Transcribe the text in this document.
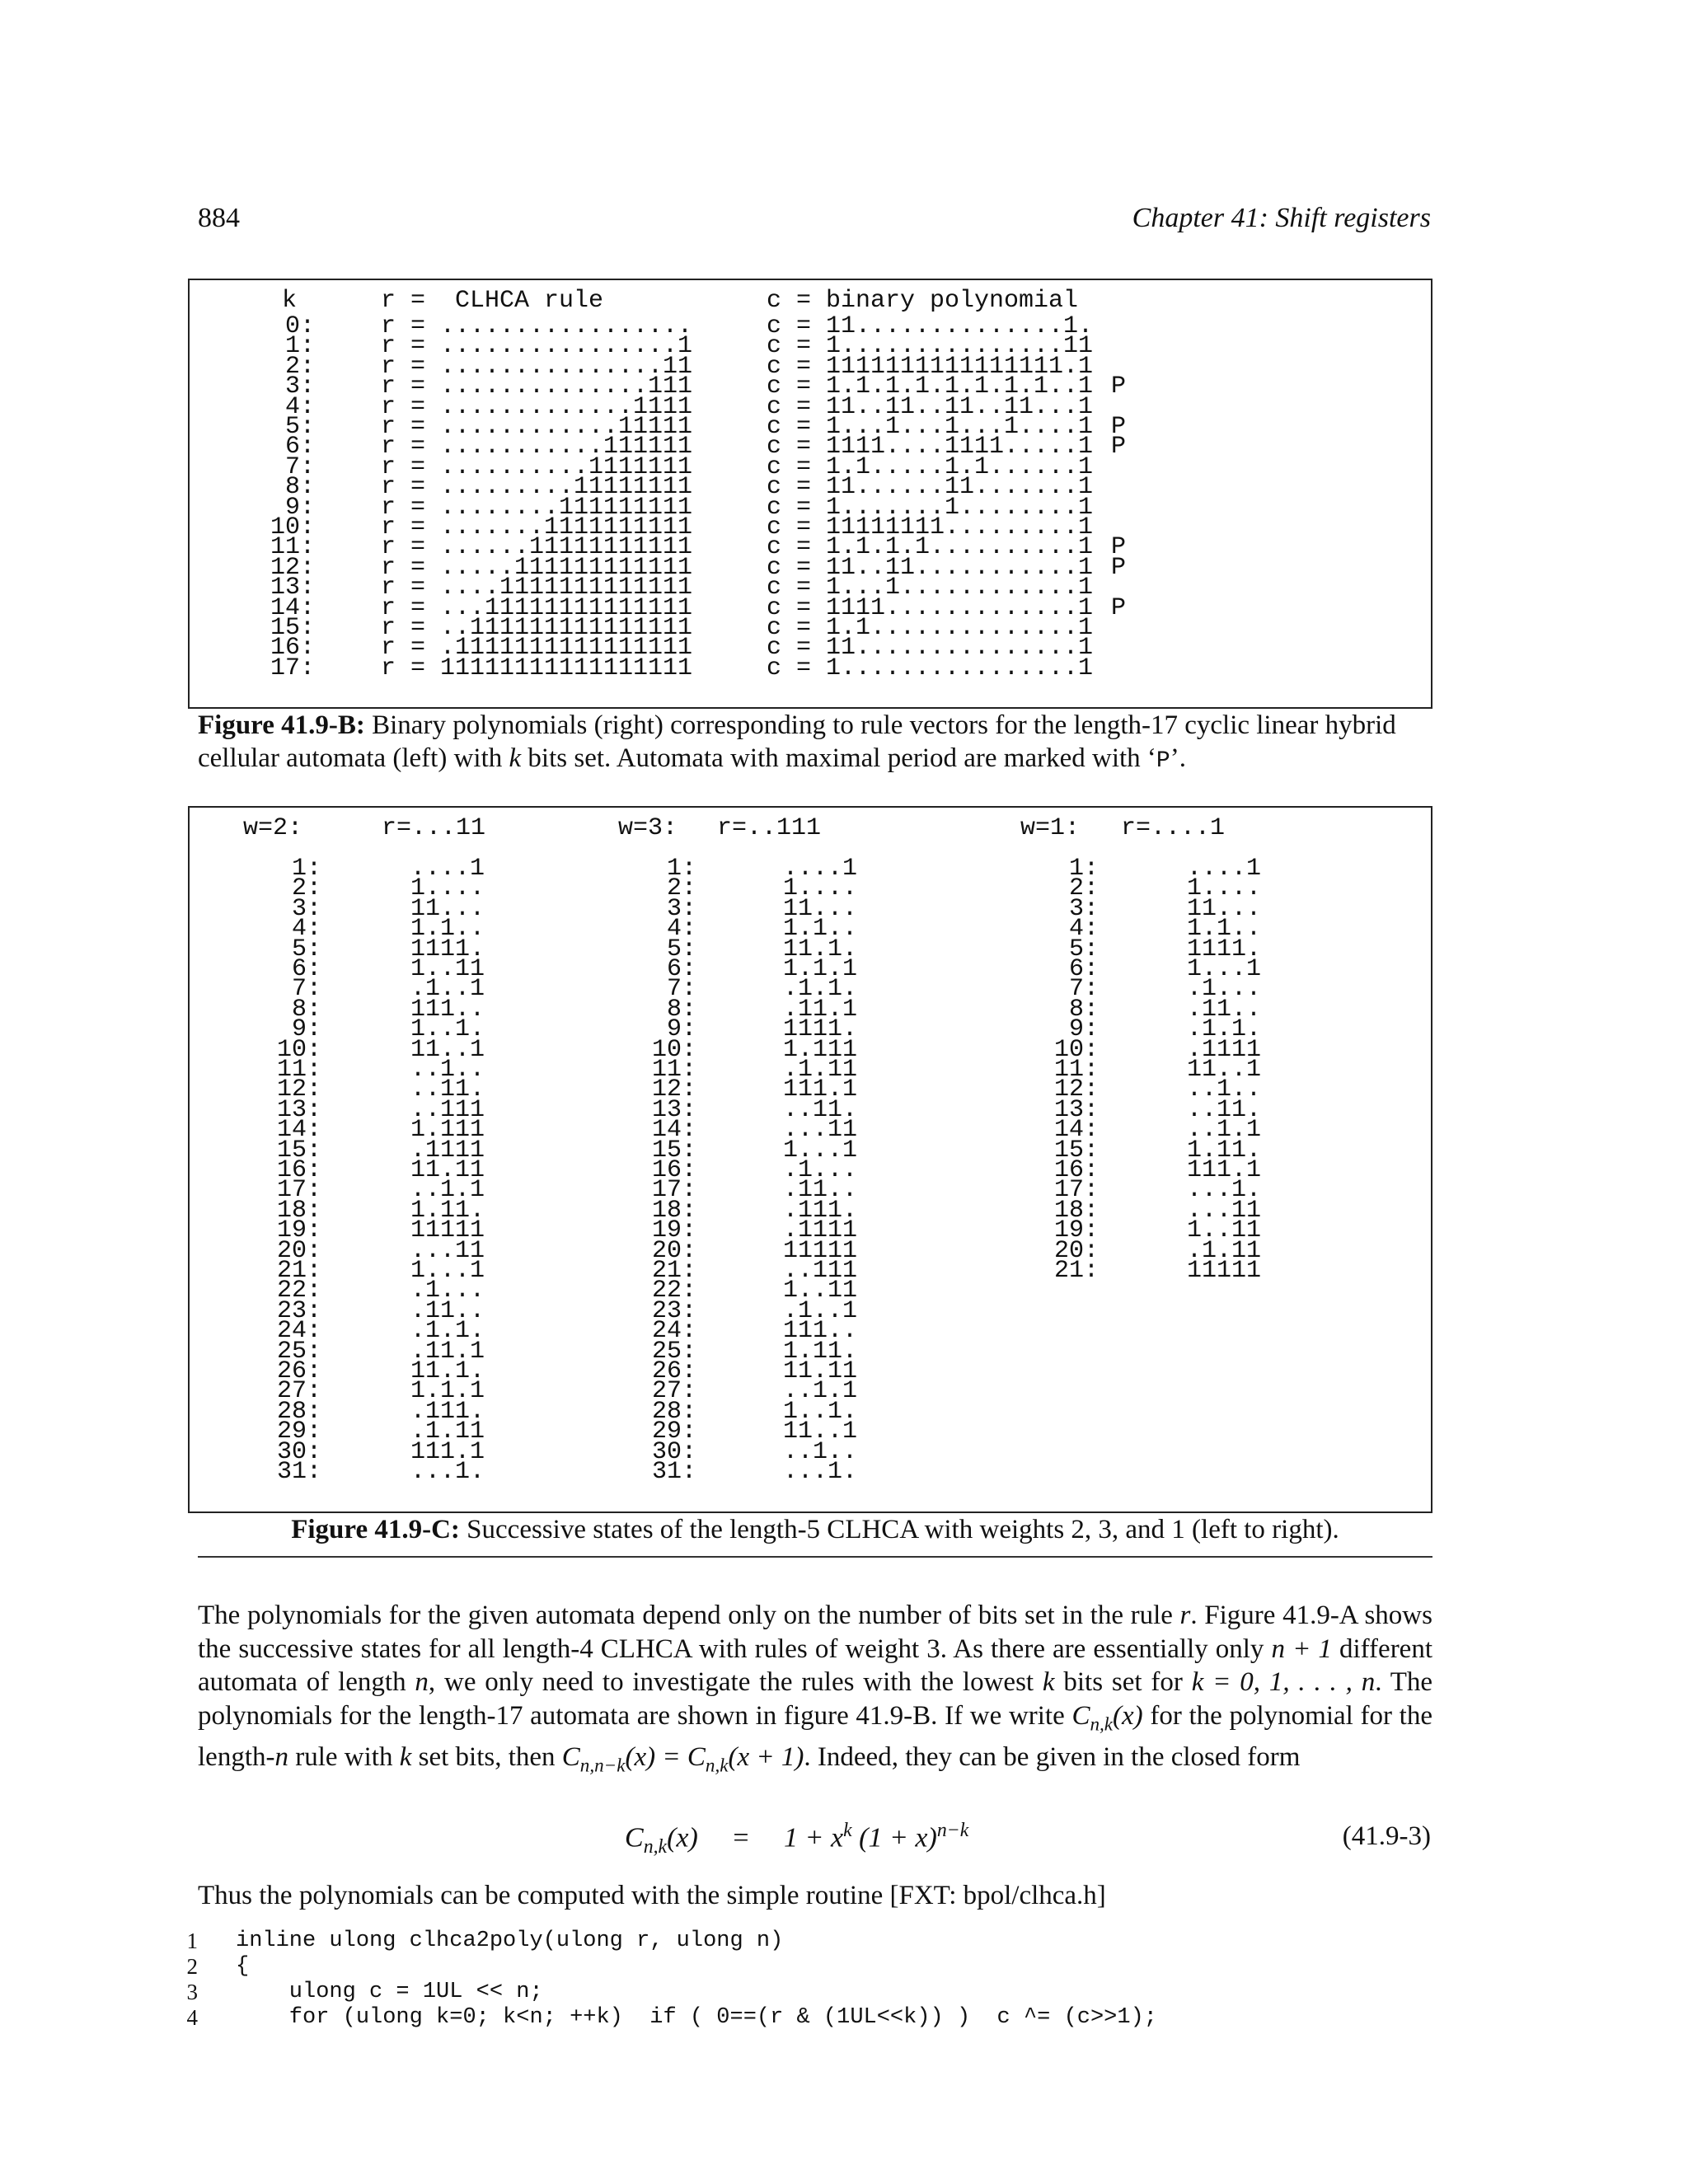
884	Chapter 41: Shift registers
k	r =  CLHCA rule	c = binary polynomial
0:	r = .................	c = 11..............1.
1:	r = ................1	c = 1...............11
2:	r = ...............11	c = 1111111111111111.1
3:	r = ..............111	c = 1.1.1.1.1.1.1.1..1 P
4:	r = .............1111	c = 11..11..11..11...1
5:	r = ............11111	c = 1...1...1...1....1 P
6:	r = ...........111111	c = 1111....1111.....1 P
7:	r = ..........1111111	c = 1.1.....1.1......1
8:	r = .........11111111	c = 11......11.......1
9:	r = ........111111111	c = 1.......1........1
10:	r = .......1111111111	c = 11111111.........1
11:	r = ......11111111111	c = 1.1.1.1..........1 P
12:	r = .....111111111111	c = 11..11...........1 P
13:	r = ....1111111111111	c = 1...1............1
14:	r = ...11111111111111	c = 1111.............1 P
15:	r = ..111111111111111	c = 1.1..............1
16:	r = .1111111111111111	c = 11...............1
17:	r = 11111111111111111	c = 1................1
Figure 41.9-B: Binary polynomials (right) corresponding to rule vectors for the length-17 cyclic linear hybrid cellular automata (left) with k bits set. Automata with maximal period are marked with ‘P’.
w=2:	r=...11
1:	....1
2:	1....
3:	11...
4:	1.1..
5:	1111.
6:	1..11
7:	.1..1
8:	111..
9:	1..1.
10:	11..1
11:	..1..
12:	..11.
13:	..111
14:	1.111
15:	.1111
16:	11.11
17:	..1.1
18:	1.11.
19:	11111
20:	...11
21:	1...1
22:	.1...
23:	.11..
24:	.1.1.
25:	.11.1
26:	11.1.
27:	1.1.1
28:	.111.
29:	.1.11
30:	111.1
31:	...1.
w=3: r=..111
1:	....1
2:	1....
3:	11...
4:	1.1..
5:	11.1.
6:	1.1.1
7:	.1.1.
8:	.11.1
9:	1111.
10:	1.111
11:	.1.11
12:	111.1
13:	..11.
14:	...11
15:	1...1
16:	.1...
17:	.11..
18:	.111.
19:	.1111
20:	11111
21:	..111
22:	1..11
23:	.1..1
24:	111..
25:	1.11.
26:	11.11
27:	..1.1
28:	1..1.
29:	11..1
30:	..1..
31:	...1.
w=1: r=....1
1:	....1
2:	1....
3:	11...
4:	1.1..
5:	1111.
6:	1...1
7:	.1...
8:	.11..
9:	.1.1.
10:	.1111
11:	11..1
12:	..1..
13:	..11.
14:	..1.1
15:	1.11.
16:	111.1
17:	...1.
18:	...11
19:	1..11
20:	.1.11
21:	11111
Figure 41.9-C: Successive states of the length-5 CLHCA with weights 2, 3, and 1 (left to right).
The polynomials for the given automata depend only on the number of bits set in the rule r. Figure 41.9-A shows the successive states for all length-4 CLHCA with rules of weight 3. As there are essentially only n + 1 different automata of length n, we only need to investigate the rules with the lowest k bits set for k = 0, 1, . . . , n. The polynomials for the length-17 automata are shown in figure 41.9-B. If we write $C_{n,k}(x)$ for the polynomial for the length-n rule with k set bits, then $C_{n,n-k}(x) = C_{n,k}(x + 1)$. Indeed, they can be given in the closed form
$C_{n,k}(x) = 1 + x^k$ $(1 + x)^{n-k}$	(41.9-3)
Thus the polynomials can be computed with the simple routine [FXT: bpol/clhca.h]
1 inline ulong clhca2poly(ulong r, ulong n)
2 {
3 ulong c = 1UL << n;
4 for (ulong k=0; k<n; ++k)  if ( 0==(r & (1UL<<k)) )  c ^= (c>>1);
